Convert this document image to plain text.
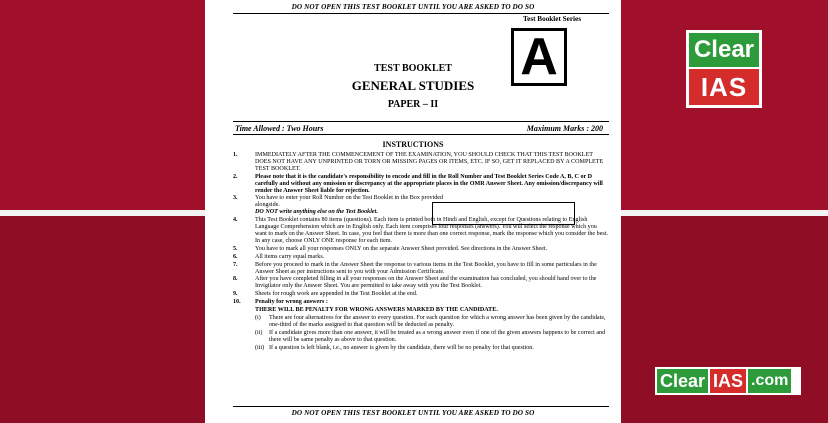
DO NOT OPEN THIS TEST BOOKLET UNTIL YOU ARE ASKED TO DO SO
Test Booklet Series
A
TEST BOOKLET
GENERAL STUDIES
PAPER – II
Time Allowed : Two Hours	Maximum Marks : 200
INSTRUCTIONS
1.	IMMEDIATELY AFTER THE COMMENCEMENT OF THE EXAMINATION, YOU SHOULD CHECK THAT THIS TEST BOOKLET DOES NOT HAVE ANY UNPRINTED OR TORN OR MISSING PAGES OR ITEMS, ETC. IF SO, GET IT REPLACED BY A COMPLETE TEST BOOKLET.
2.	Please note that it is the candidate's responsibility to encode and fill in the Roll Number and Test Booklet Series Code A, B, C or D carefully and without any omission or discrepancy at the appropriate places in the OMR Answer Sheet. Any omission/discrepancy will render the Answer Sheet liable for rejection.
3.	You have to enter your Roll Number on the Test Booklet in the Box provided alongside.
DO NOT write anything else on the Test Booklet.
4.	This Test Booklet contains 80 items (questions). Each item is printed both in Hindi and English, except for Questions relating to English Language Comprehension which are in English only. Each item comprises four responses (answers). You will select the response which you want to mark on the Answer Sheet. In case, you feel that there is more than one correct response, mark the response which you consider the best. In any case, choose ONLY ONE response for each item.
5.	You have to mark all your responses ONLY on the separate Answer Sheet provided. See directions in the Answer Sheet.
6.	All items carry equal marks.
7.	Before you proceed to mark in the Answer Sheet the response to various items in the Test Booklet, you have to fill in some particulars in the Answer Sheet as per instructions sent to you with your Admission Certificate.
8.	After you have completed filling in all your responses on the Answer Sheet and the examination has concluded, you should hand over to the Invigilator only the Answer Sheet. You are permitted to take away with you the Test Booklet.
9.	Sheets for rough work are appended in the Test Booklet at the end.
10.	Penalty for wrong answers :
THERE WILL BE PENALTY FOR WRONG ANSWERS MARKED BY THE CANDIDATE.
(i)	There are four alternatives for the answer to every question. For each question for which a wrong answer has been given by the candidate, one-third of the marks assigned to that question will be deducted as penalty.
(ii)	If a candidate gives more than one answer, it will be treated as a wrong answer even if one of the given answers happens to be correct and there will be same penalty as above to that question.
(iii) If a question is left blank, i.e., no answer is given by the candidate, there will be no penalty for that question.
DO NOT OPEN THIS TEST BOOKLET UNTIL YOU ARE ASKED TO DO SO
Clear
IAS
Clear IAS .com
